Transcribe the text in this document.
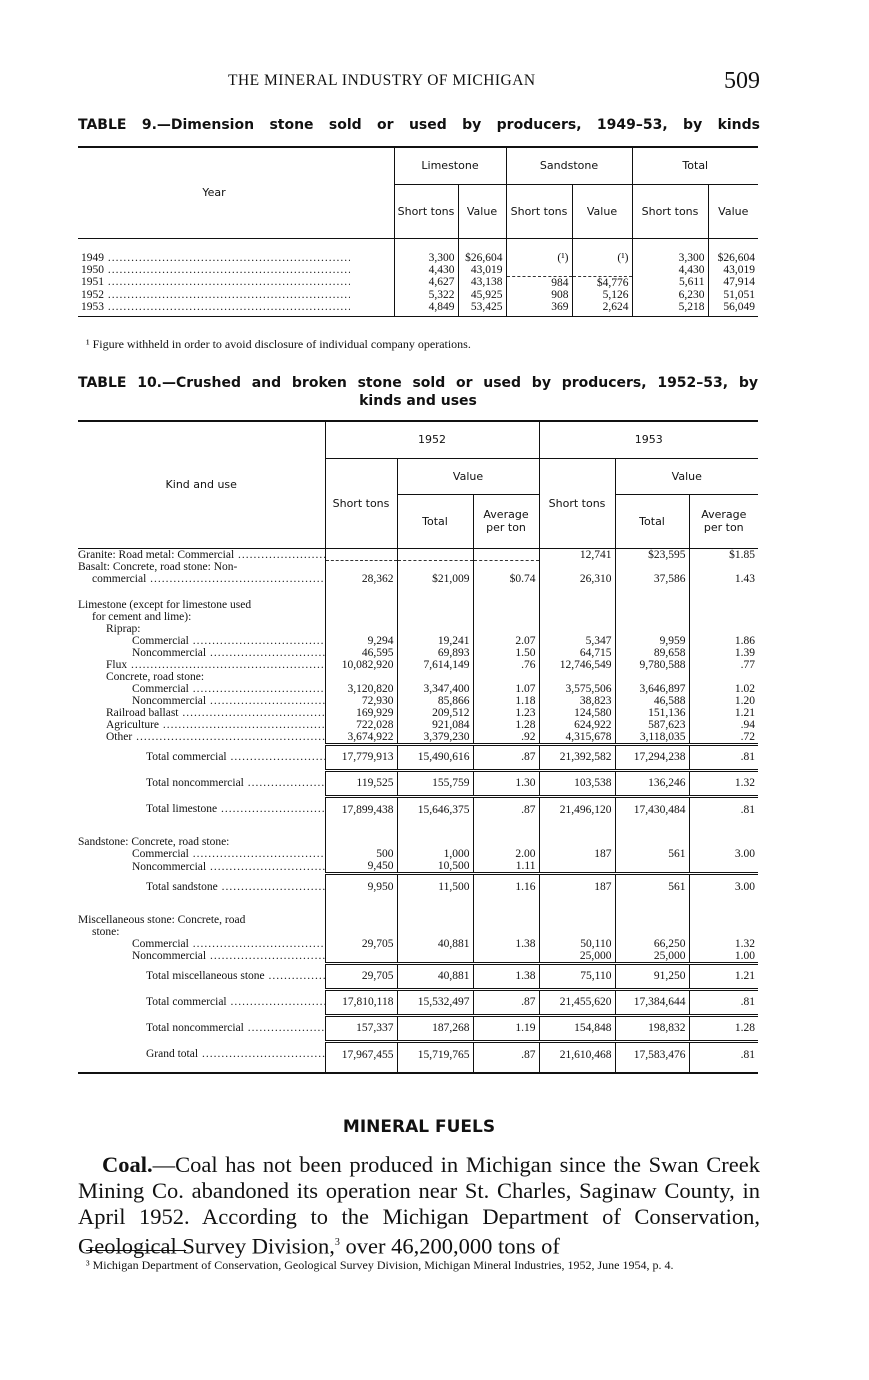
THE MINERAL INDUSTRY OF MICHIGAN	509
TABLE 9.—Dimension stone sold or used by producers, 1949–53, by kinds
Year		Limestone		Sandstone		Total	
		Short tons	Value	Short tons	Value	Short tons	Value

1949 .....		3,300	$26,604	(¹)	(¹)	3,300	$26,604
1950 .....		4,430	43,019			4,430	43,019
1951 .....		4,627	43,138	984	$4,776	5,611	47,914
1952 .....		5,322	45,925	908	5,126	6,230	51,051
1953 .....		4,849	53,425	369	2,624	5,218	56,049

¹ Figure withheld in order to avoid disclosure of individual company operations.
TABLE 10.—Crushed and broken stone sold or used by producers, 1952–53, by
kinds and uses
Kind and use	1952			1953		
	Short tons	Value		Short tons	Value	
		Total	Average per ton		Total	Average per ton
Granite: Road metal: Commercial .....				12,741	$23,595	$1.85
Basalt: Concrete, road stone: Non-						
commercial .....	28,362	$21,009	$0.74	26,310	37,586	1.43

Limestone (except for limestone used						
for cement and lime):						
Riprap:						
Commercial .....	9,294	19,241	2.07	5,347	9,959	1.86
Noncommercial .....	46,595	69,893	1.50	64,715	89,658	1.39
Flux .....	10,082,920	7,614,149	.76	12,746,549	9,780,588	.77
Concrete, road stone:						
Commercial .....	3,120,820	3,347,400	1.07	3,575,506	3,646,897	1.02
Noncommercial .....	72,930	85,866	1.18	38,823	46,588	1.20
Railroad ballast .....	169,929	209,512	1.23	124,580	151,136	1.21
Agriculture .....	722,028	921,084	1.28	624,922	587,623	.94
Other .....	3,674,922	3,379,230	.92	4,315,678	3,118,035	.72
Total commercial .....	17,779,913	15,490,616	.87	21,392,582	17,294,238	.81
Total noncommercial .....	119,525	155,759	1.30	103,538	136,246	1.32
Total limestone .....	17,899,438	15,646,375	.87	21,496,120	17,430,484	.81

Sandstone: Concrete, road stone:						
Commercial .....	500	1,000	2.00	187	561	3.00
Noncommercial .....	9,450	10,500	1.11			
Total sandstone .....	9,950	11,500	1.16	187	561	3.00

Miscellaneous stone: Concrete, road						
stone:						
Commercial .....	29,705	40,881	1.38	50,110	66,250	1.32
Noncommercial .....				25,000	25,000	1.00
Total miscellaneous stone .....	29,705	40,881	1.38	75,110	91,250	1.21
Total commercial .....	17,810,118	15,532,497	.87	21,455,620	17,384,644	.81
Total noncommercial .....	157,337	187,268	1.19	154,848	198,832	1.28
Grand total .....	17,967,455	15,719,765	.87	21,610,468	17,583,476	.81

MINERAL FUELS
Coal.—Coal has not been produced in Michigan since the Swan Creek Mining Co. abandoned its operation near St. Charles, Saginaw County, in April 1952. According to the Michigan Department of Conservation, Geological Survey Division,$^3$ over 46,200,000 tons of
³ Michigan Department of Conservation, Geological Survey Division, Michigan Mineral Industries, 1952, June 1954, p. 4.
